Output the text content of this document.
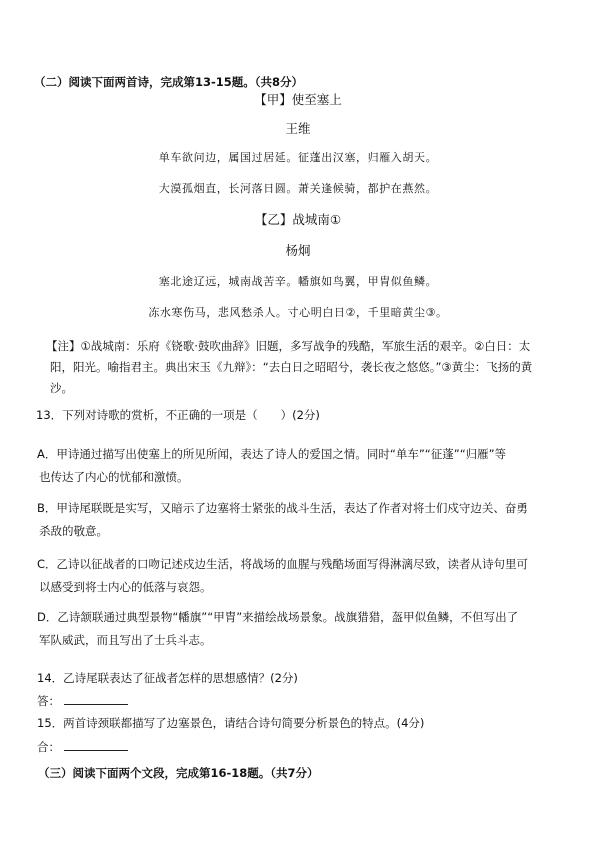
（二）阅读下面两首诗，完成第13-15题。（共8分）
【甲】使至塞上
王维
单车欲问边，属国过居延。征蓬出汉塞，归雁入胡天。
大漠孤烟直，长河落日圆。萧关逢候骑，都护在燕然。
【乙】战城南①
杨炯
塞北途辽远，城南战苦辛。幡旗如鸟翼，甲胄似鱼鳞。
冻水寒伤马，悲风愁杀人。寸心明白日②，千里暗黄尘③。
【注】①战城南：乐府《铙歌·鼓吹曲辞》旧题，多写战争的残酷，军旅生活的艰辛。②白日：太
阳，阳光。喻指君主。典出宋玉《九辩》：“去白日之昭昭兮，袭长夜之悠悠。”③黄尘：飞扬的黄
沙。
13．下列对诗歌的赏析，不正确的一项是（　　）(2分)
A．甲诗通过描写出使塞上的所见所闻，表达了诗人的爱国之情。同时“单车”“征蓬”“归雁”等
也传达了内心的忧郁和激愤。
B．甲诗尾联既是实写，又暗示了边塞将士紧张的战斗生活，表达了作者对将士们戍守边关、奋勇
杀敌的敬意。
C．乙诗以征战者的口吻记述戍边生活，将战场的血腥与残酷场面写得淋漓尽致，读者从诗句里可
以感受到将士内心的低落与哀怨。
D．乙诗颔联通过典型景物“幡旗”“甲胄”来描绘战场景象。战旗猎猎，盔甲似鱼鳞，不但写出了
军队威武，而且写出了士兵斗志。
14．乙诗尾联表达了征战者怎样的思想感情？(2分)
答：
15．两首诗颈联都描写了边塞景色，请结合诗句简要分析景色的特点。(4分)
合：
（三）阅读下面两个文段，完成第16-18题。（共7分）
